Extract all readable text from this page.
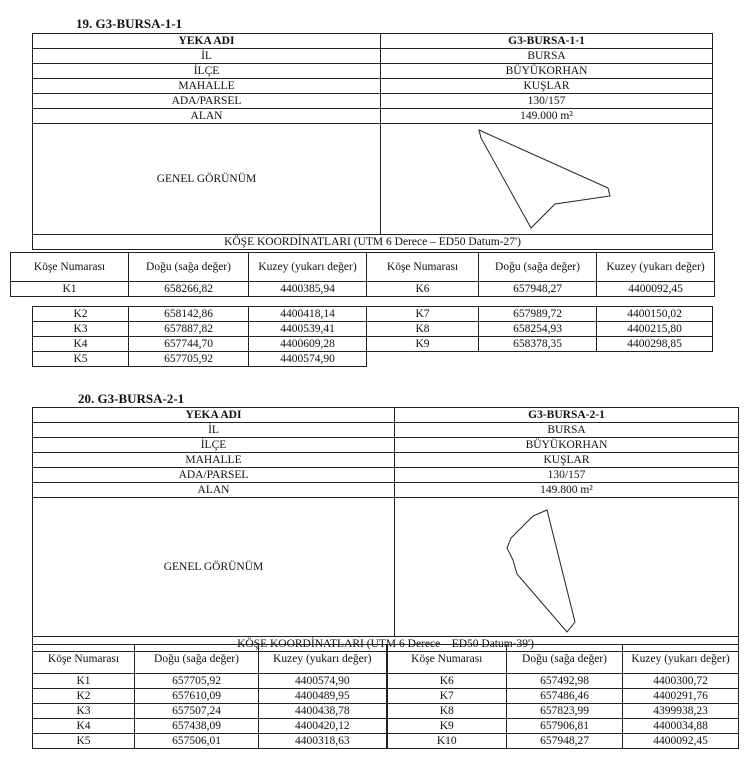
19. G3-BURSA-1-1
YEKA ADI	G3-BURSA-1-1
İL	BURSA
İLÇE	BÜYÜKORHAN
MAHALLE	KUŞLAR
ADA/PARSEL	130/157
ALAN	149.000 m²
GENEL GÖRÜNÜM	

KÖŞE KOORDİNATLARI (UTM 6 Derece – ED50 Datum-27')	
Köşe Numarası	Doğu (sağa değer)	Kuzey (yukarı değer)	Köşe Numarası	Doğu (sağa değer)	Kuzey (yukarı değer)
K1	658266,82	4400385,94	K6	657948,27	4400092,45
K2	658142,86	4400418,14	K7	657989,72	4400150,02
K3	657887,82	4400539,41	K8	658254,93	4400215,80
K4	657744,70	4400609,28	K9	658378,35	4400298,85
K5	657705,92	4400574,90			
20. G3-BURSA-2-1
YEKA ADI	G3-BURSA-2-1
İL	BURSA
İLÇE	BÜYÜKORHAN
MAHALLE	KUŞLAR
ADA/PARSEL	130/157
ALAN	149.800 m²
GENEL GÖRÜNÜM	

KÖŞE KOORDİNATLARI (UTM 6 Derece – ED50 Datum-39')	
Köşe Numarası	Doğu (sağa değer)	Kuzey (yukarı değer)	Köşe Numarası	Doğu (sağa değer)	Kuzey (yukarı değer)
K1	657705,92	4400574,90	K6	657492,98	4400300,72
K2	657610,09	4400489,95	K7	657486,46	4400291,76
K3	657507,24	4400438,78	K8	657823,99	4399938,23
K4	657438,09	4400420,12	K9	657906,81	4400034,88
K5	657506,01	4400318,63	K10	657948,27	4400092,45
